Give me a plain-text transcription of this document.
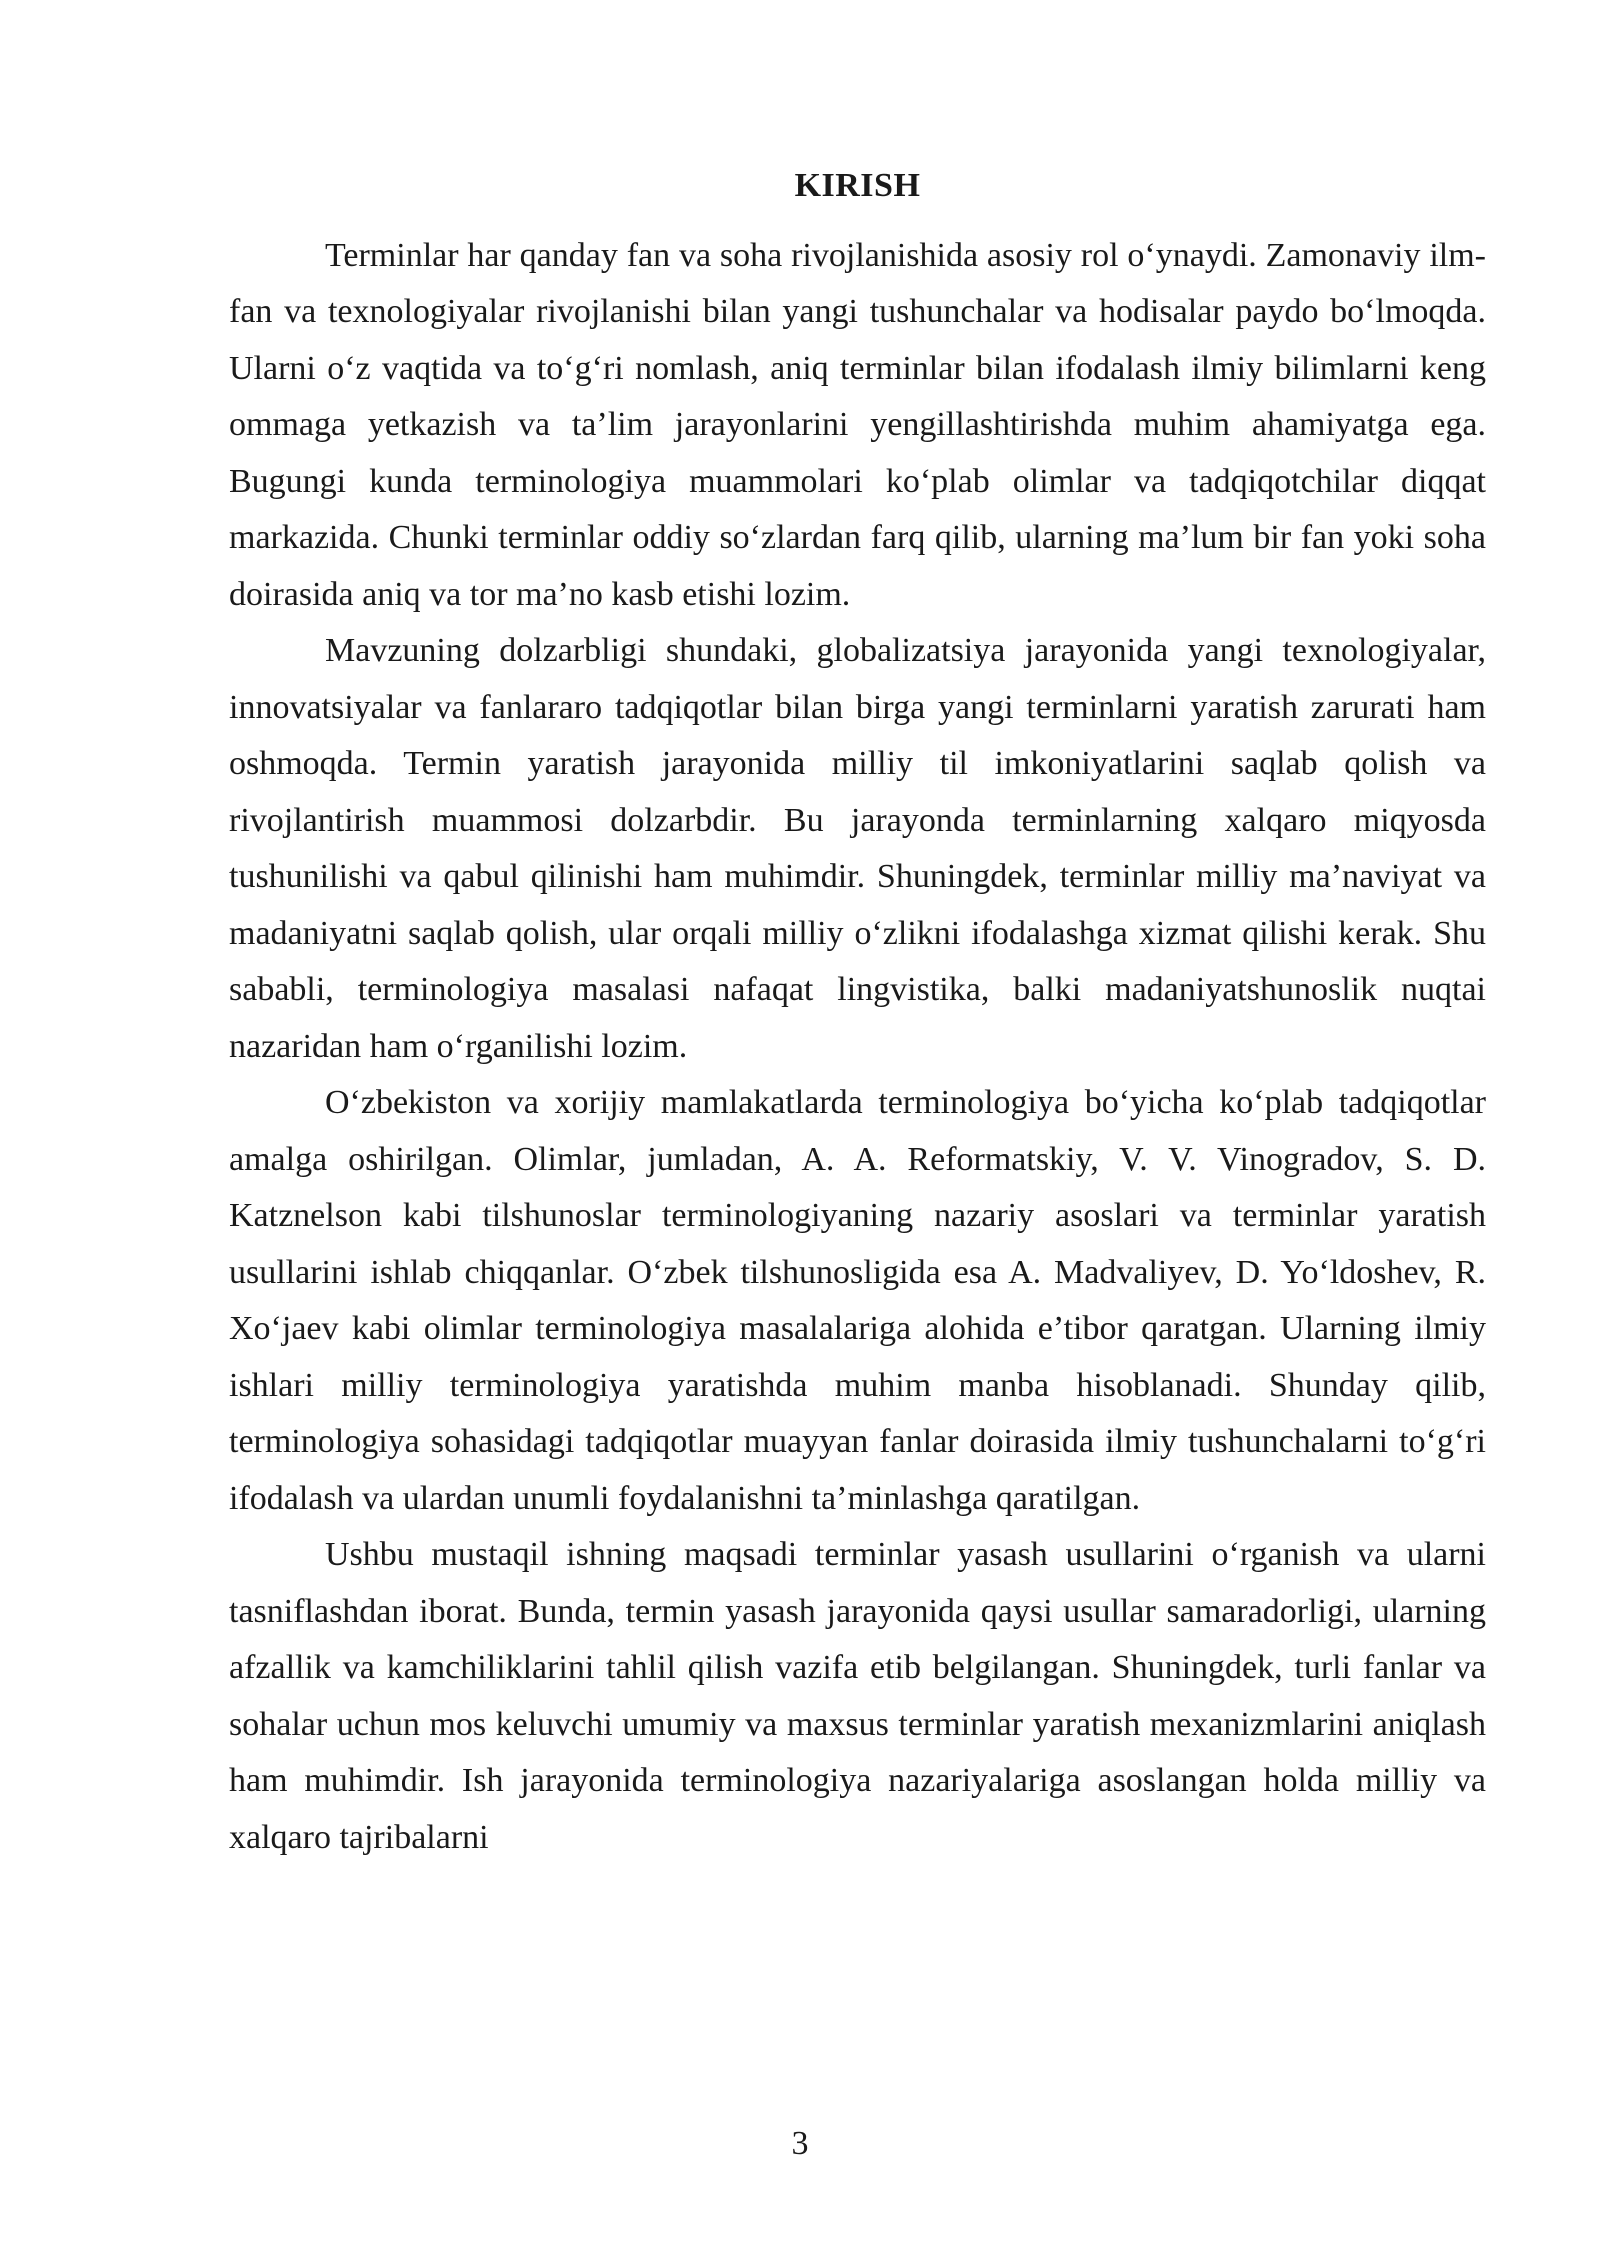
KIRISH

Terminlar har qanday fan va soha rivojlanishida asosiy rol o‘ynaydi. Zamonaviy ilm-fan va texnologiyalar rivojlanishi bilan yangi tushunchalar va hodisalar paydo bo‘lmoqda. Ularni o‘z vaqtida va to‘g‘ri nomlash, aniq terminlar bilan ifodalash ilmiy bilimlarni keng ommaga yetkazish va ta’lim jarayonlarini yengillashtirishda muhim ahamiyatga ega. Bugungi kunda terminologiya muammolari ko‘plab olimlar va tadqiqotchilar diqqat markazida. Chunki terminlar oddiy so‘zlardan farq qilib, ularning ma’lum bir fan yoki soha doirasida aniq va tor ma’no kasb etishi lozim.

Mavzuning dolzarbligi shundaki, globalizatsiya jarayonida yangi texnologiyalar, innovatsiyalar va fanlararo tadqiqotlar bilan birga yangi terminlarni yaratish zarurati ham oshmoqda. Termin yaratish jarayonida milliy til imkoniyatlarini saqlab qolish va rivojlantirish muammosi dolzarbdir. Bu jarayonda terminlarning xalqaro miqyosda tushunilishi va qabul qilinishi ham muhimdir. Shuningdek, terminlar milliy ma’naviyat va madaniyatni saqlab qolish, ular orqali milliy o‘zlikni ifodalashga xizmat qilishi kerak. Shu sababli, terminologiya masalasi nafaqat lingvistika, balki madaniyatshunoslik nuqtai nazaridan ham o‘rganilishi lozim.

O‘zbekiston va xorijiy mamlakatlarda terminologiya bo‘yicha ko‘plab tadqiqotlar amalga oshirilgan. Olimlar, jumladan, A. A. Reformatskiy, V. V. Vinogradov, S. D. Katznelson kabi tilshunoslar terminologiyaning nazariy asoslari va terminlar yaratish usullarini ishlab chiqqanlar. O‘zbek tilshunosligida esa A. Madvaliyev, D. Yo‘ldoshev, R. Xo‘jaev kabi olimlar terminologiya masalalariga alohida e’tibor qaratgan. Ularning ilmiy ishlari milliy terminologiya yaratishda muhim manba hisoblanadi. Shunday qilib, terminologiya sohasidagi tadqiqotlar muayyan fanlar doirasida ilmiy tushunchalarni to‘g‘ri ifodalash va ulardan unumli foydalanishni ta’minlashga qaratilgan.

Ushbu mustaqil ishning maqsadi terminlar yasash usullarini o‘rganish va ularni tasniflashdan iborat. Bunda, termin yasash jarayonida qaysi usullar samaradorligi, ularning afzallik va kamchiliklarini tahlil qilish vazifa etib belgilangan. Shuningdek, turli fanlar va sohalar uchun mos keluvchi umumiy va maxsus terminlar yaratish mexanizmlarini aniqlash ham muhimdir. Ish jarayonida terminologiya nazariyalariga asoslangan holda milliy va xalqaro tajribalarni

3
